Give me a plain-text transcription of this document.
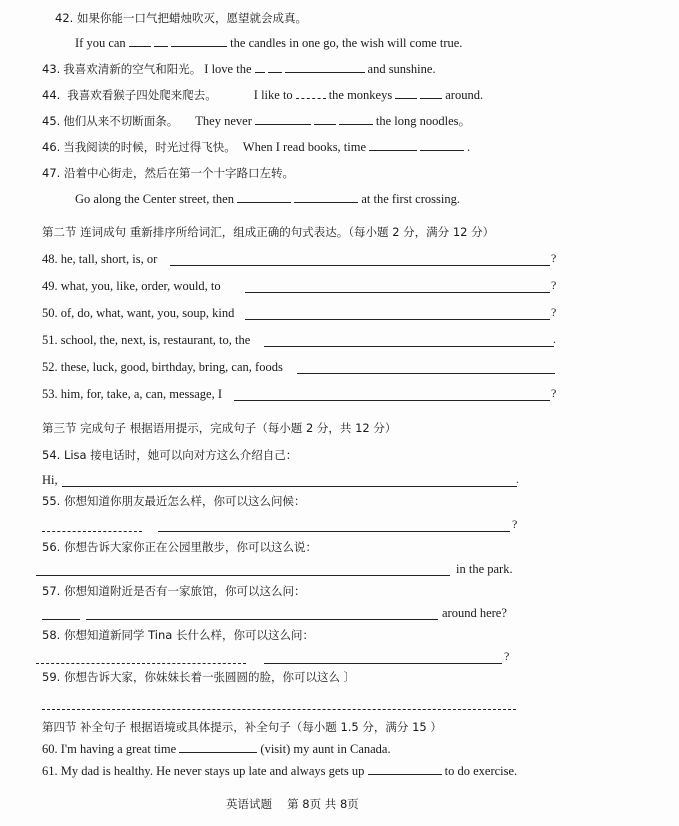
42. 如果你能一口气把蜡烛吹灭，愿望就会成真。
If you can	the candles in one go, the wish will come true.
43. 我喜欢清新的空气和阳光。 I love the	and sunshine.
44. 我喜欢看猴子四处爬来爬去。	I like to	the monkeys	around.
45. 他们从来不切断面条。 They never	the long noodles。
46. 当我阅读的时候，时光过得飞快。 When I read books, time	.
47. 沿着中心街走，然后在第一个十字路口左转。
Go along the Center street, then	at the first crossing.
第二节 连词成句 重新排序所给词汇，组成正确的句式表达。（每小题 2 分，满分 12 分）
48. he, tall, short, is, or	?
49. what, you, like, order, would, to	?
50. of, do, what, want, you, soup, kind	?
51. school, the, next, is, restaurant, to, the	.
52. these, luck, good, birthday, bring, can, foods
53. him, for, take, a, can, message, I	?
第三节 完成句子 根据语用提示，完成句子（每小题 2 分，共 12 分）
54. Lisa 接电话时，她可以向对方这么介绍自己：
Hi,	.
55. 你想知道你朋友最近怎么样，你可以这么问候：
?
56. 你想告诉大家你正在公园里散步，你可以这么说：
in the park.
57. 你想知道附近是否有一家旅馆，你可以这么问：
around here?
58. 你想知道新同学 Tina 长什么样，你可以这么问：
?
59. 你想告诉大家，你妹妹长着一张圆圆的脸，你可以这么 〕
第四节 补全句子 根据语境或具体提示，补全句子（每小题 1.5 分，满分 15 ）
60. I'm having a great time	(visit) my aunt in Canada.
61. My dad is healthy. He never stays up late and always gets up	to do exercise.
英语试题　 第 8页 共 8页
